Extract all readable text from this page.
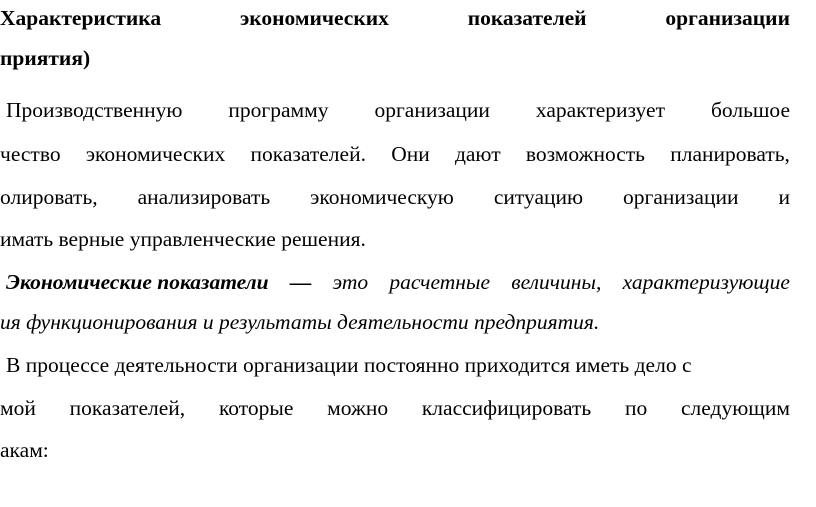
Характеристика	экономических	показателей	организации
приятия)
Производственную программу организации характеризует большое
чество экономических показателей. Они дают возможность планировать,
олировать, анализировать экономическую ситуацию организации и
имать верные управленческие решения.
Экономические показатели — это расчетные величины, характеризующие
ия функционирования и результаты деятельности предприятия.
В процессе деятельности организации постоянно приходится иметь дело с
мой показателей, которые можно классифицировать по следующим
акам:
